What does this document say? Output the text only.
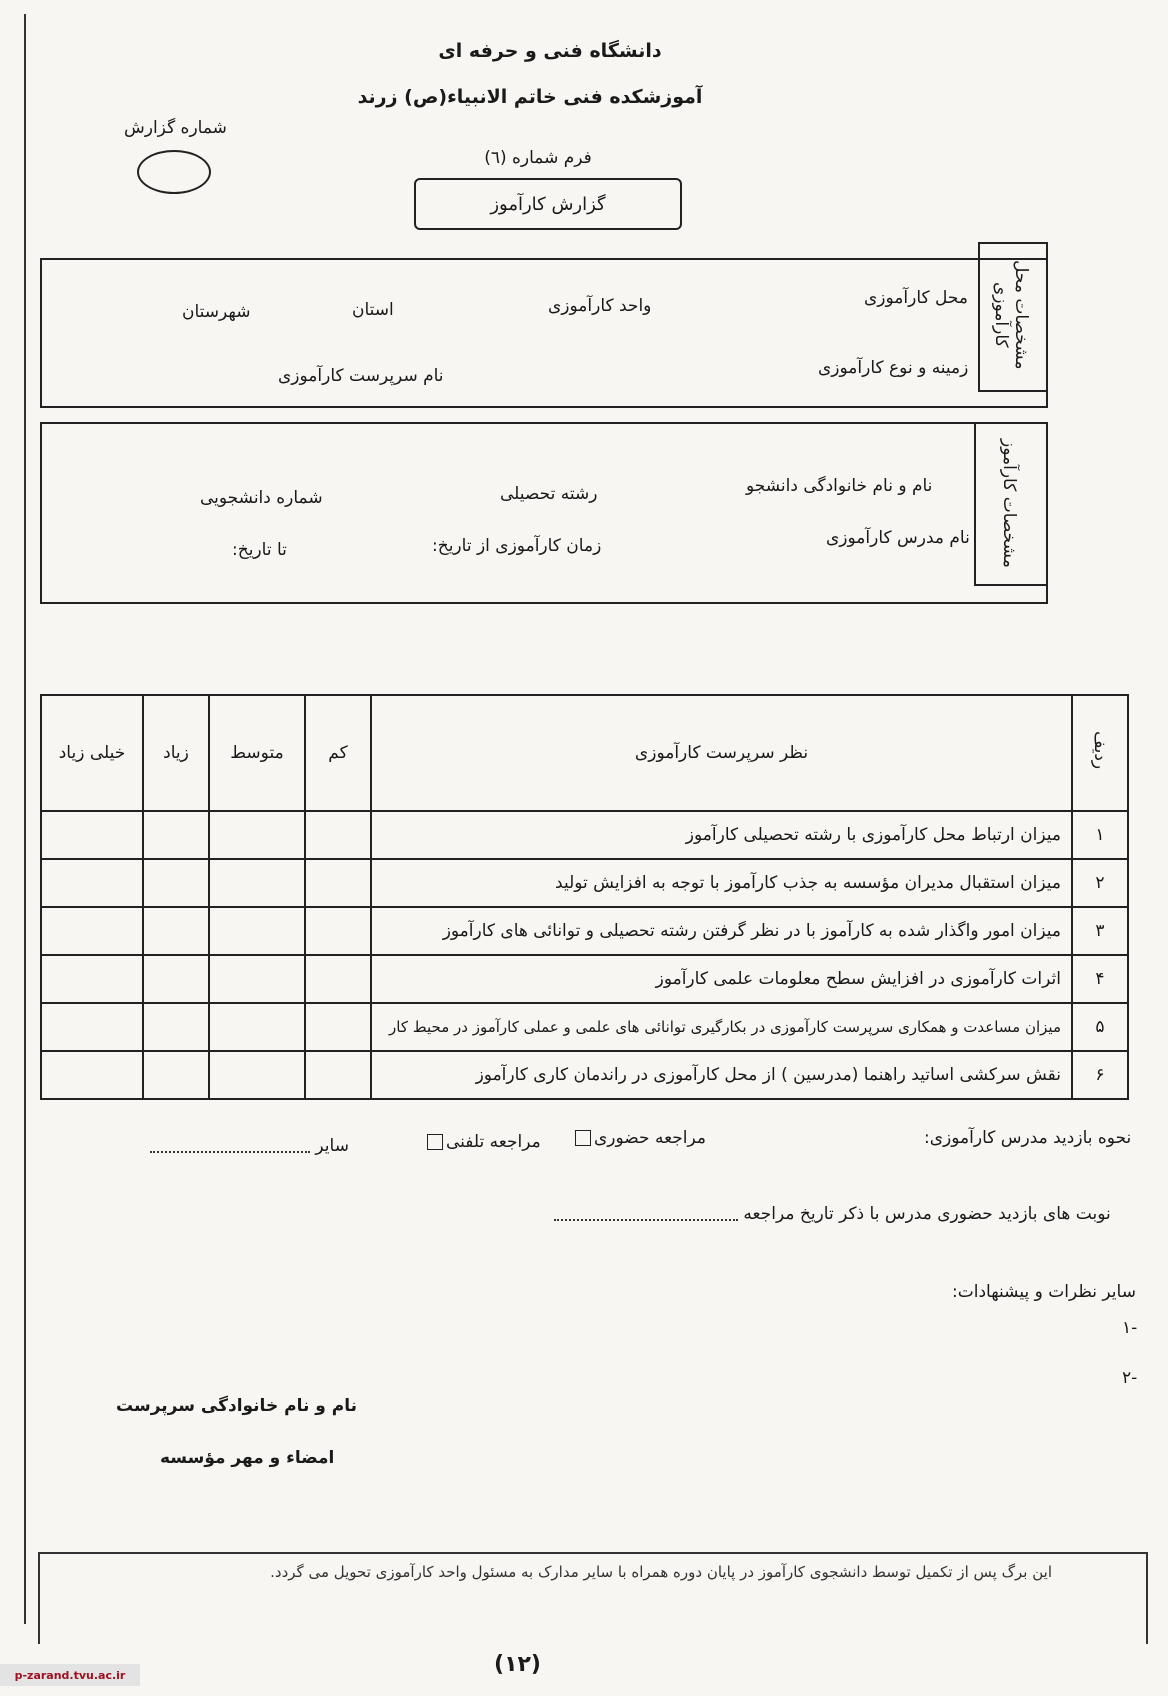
دانشگاه فنی و حرفه ای
آموزشکده فنی خاتم الانبیاء(ص) زرند
شماره گزارش
فرم شماره (٦)
گزارش کارآموز
مشخصات محل کارآموزی
محل کارآموزی
واحد کارآموزی
استان
شهرستان
زمینه و نوع کارآموزی
نام سرپرست کارآموزی
مشخصات کارآموز
نام و نام خانوادگی دانشجو
رشته تحصیلی
شماره دانشجویی
نام مدرس کارآموزی
زمان کارآموزی از تاریخ:
تا تاریخ:
ردیف	نظر سرپرست کارآموزی	کم	متوسط	زیاد	خیلی زیاد
۱	میزان ارتباط محل کارآموزی با رشته تحصیلی کارآموز				
۲	میزان استقبال مدیران مؤسسه به جذب کارآموز با توجه به افزایش تولید				
۳	میزان امور واگذار شده به کارآموز با در نظر گرفتن رشته تحصیلی و توانائی های کارآموز				
۴	اثرات کارآموزی در افزایش سطح معلومات علمی کارآموز				
۵	میزان مساعدت و همکاری سرپرست کارآموزی در بکارگیری توانائی های علمی و عملی کارآموز در محیط کار				
۶	نقش سرکشی اساتید راهنما (مدرسین ) از محل کارآموزی در راندمان کاری کارآموز				
نحوه بازدید مدرس کارآموزی:
مراجعه حضوری
مراجعه تلفنی
سایر
نوبت های بازدید حضوری مدرس با ذکر تاریخ مراجعه
سایر نظرات و پیشنهادات:
-۱
-۲
نام و نام خانوادگی سرپرست
امضاء و مهر مؤسسه
این برگ پس از تکمیل توسط دانشجوی کارآموز در پایان دوره همراه با سایر مدارک به مسئول واحد کارآموزی تحویل می گردد.
(۱۲)
p-zarand.tvu.ac.ir
